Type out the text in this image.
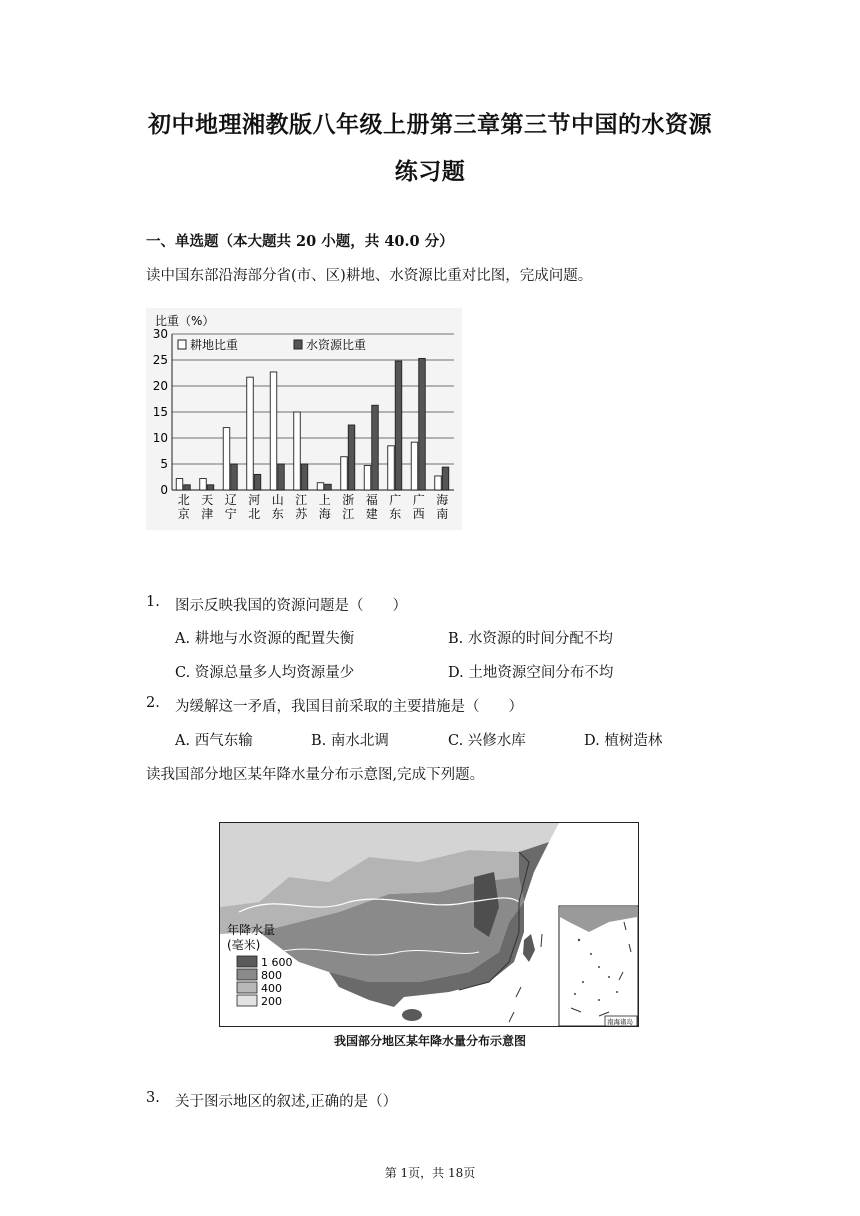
初中地理湘教版八年级上册第三章第三节中国的水资源
练习题
一、单选题（本大题共 20 小题，共 40.0 分）
读中国东部沿海部分省(市、区)耕地、水资源比重对比图，完成问题。
比重（%）
0
5
10
15
20
25
30
北
京
天
津
辽
宁
河
北
山
东
江
苏
上
海
浙
江
福
建
广
东
广
西
海
南
耕地比重	水资源比重
1. 图示反映我国的资源问题是（　　）
A. 耕地与水资源的配置失衡	B. 水资源的时间分配不均
C. 资源总量多人均资源量少	D. 土地资源空间分布不均
2. 为缓解这一矛盾，我国目前采取的主要措施是（　　）
A. 西气东输	B. 南水北调	C. 兴修水库	D. 植树造林
读我国部分地区某年降水量分布示意图,完成下列题。
南海诸岛
年降水量
(毫米)
1 600
800
400
200
我国部分地区某年降水量分布示意图
3. 关于图示地区的叙述,正确的是（）
第 1页，共 18页
